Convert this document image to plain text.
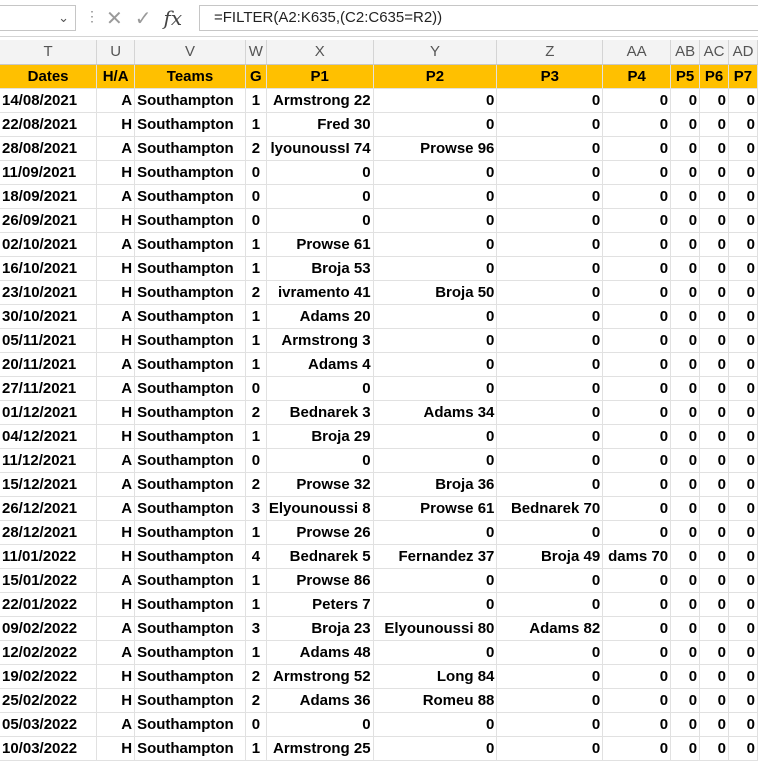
⌄ ⋮ ✕ ✓ fx	=FILTER(A2:K635,(C2:C635=R2))
T	U	V	W	X	Y	Z	AA	AB	AC	AD
Dates	H/A	Teams	G	P1	P2	P3	P4	P5	P6	P7
14/08/2021	A	Southampton	1	Armstrong 22	0	0	0	0	0	0
22/08/2021	H	Southampton	1	Fred 30	0	0	0	0	0	0
28/08/2021	A	Southampton	2	lyounoussI 74	Prowse 96	0	0	0	0	0
11/09/2021	H	Southampton	0	0	0	0	0	0	0	0
18/09/2021	A	Southampton	0	0	0	0	0	0	0	0
26/09/2021	H	Southampton	0	0	0	0	0	0	0	0
02/10/2021	A	Southampton	1	Prowse 61	0	0	0	0	0	0
16/10/2021	H	Southampton	1	Broja 53	0	0	0	0	0	0
23/10/2021	H	Southampton	2	ivramento 41	Broja 50	0	0	0	0	0
30/10/2021	A	Southampton	1	Adams 20	0	0	0	0	0	0
05/11/2021	H	Southampton	1	Armstrong 3	0	0	0	0	0	0
20/11/2021	A	Southampton	1	Adams 4	0	0	0	0	0	0
27/11/2021	A	Southampton	0	0	0	0	0	0	0	0
01/12/2021	H	Southampton	2	Bednarek 3	Adams 34	0	0	0	0	0
04/12/2021	H	Southampton	1	Broja 29	0	0	0	0	0	0
11/12/2021	A	Southampton	0	0	0	0	0	0	0	0
15/12/2021	A	Southampton	2	Prowse 32	Broja 36	0	0	0	0	0
26/12/2021	A	Southampton	3	Elyounoussi 8	Prowse 61	Bednarek 70	0	0	0	0
28/12/2021	H	Southampton	1	Prowse 26	0	0	0	0	0	0
11/01/2022	H	Southampton	4	Bednarek 5	Fernandez 37	Broja 49	dams 70	0	0	0
15/01/2022	A	Southampton	1	Prowse 86	0	0	0	0	0	0
22/01/2022	H	Southampton	1	Peters 7	0	0	0	0	0	0
09/02/2022	A	Southampton	3	Broja 23	Elyounoussi 80	Adams 82	0	0	0	0
12/02/2022	A	Southampton	1	Adams 48	0	0	0	0	0	0
19/02/2022	H	Southampton	2	Armstrong 52	Long 84	0	0	0	0	0
25/02/2022	H	Southampton	2	Adams 36	Romeu 88	0	0	0	0	0
05/03/2022	A	Southampton	0	0	0	0	0	0	0	0
10/03/2022	H	Southampton	1	Armstrong 25	0	0	0	0	0	0
